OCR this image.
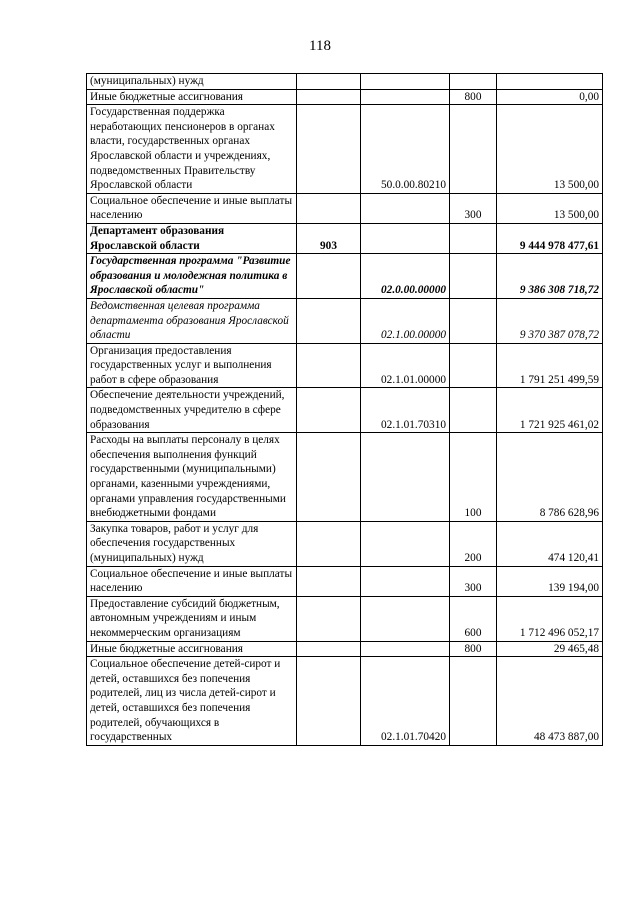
118
(муниципальных) нужд				
Иные бюджетные ассигнования			800	0,00
Государственная поддержка неработающих пенсионеров в органах власти, государственных органах Ярославской области и учреждениях, подведомственных Правительству Ярославской области		50.0.00.80210		13 500,00
Социальное обеспечение и иные выплаты населению			300	13 500,00
Департамент образования Ярославской области	903			9 444 978 477,61
Государственная программа "Развитие образования и молодежная политика в Ярославской области"		02.0.00.00000		9 386 308 718,72
Ведомственная целевая программа департамента образования Ярославской области		02.1.00.00000		9 370 387 078,72
Организация предоставления государственных услуг и выполнения работ в сфере образования		02.1.01.00000		1 791 251 499,59
Обеспечение деятельности учреждений, подведомственных учредителю в сфере образования		02.1.01.70310		1 721 925 461,02
Расходы на выплаты персоналу в целях обеспечения выполнения функций государственными (муниципальными) органами, казенными учреждениями, органами управления государственными внебюджетными фондами			100	8 786 628,96
Закупка товаров, работ и услуг для обеспечения государственных (муниципальных) нужд			200	474 120,41
Социальное обеспечение и иные выплаты населению			300	139 194,00
Предоставление субсидий бюджетным, автономным учреждениям и иным некоммерческим организациям			600	1 712 496 052,17
Иные бюджетные ассигнования			800	29 465,48
Социальное обеспечение детей-сирот и детей, оставшихся без попечения родителей, лиц из числа детей-сирот и детей, оставшихся без попечения родителей, обучающихся в государственных		02.1.01.70420		48 473 887,00
